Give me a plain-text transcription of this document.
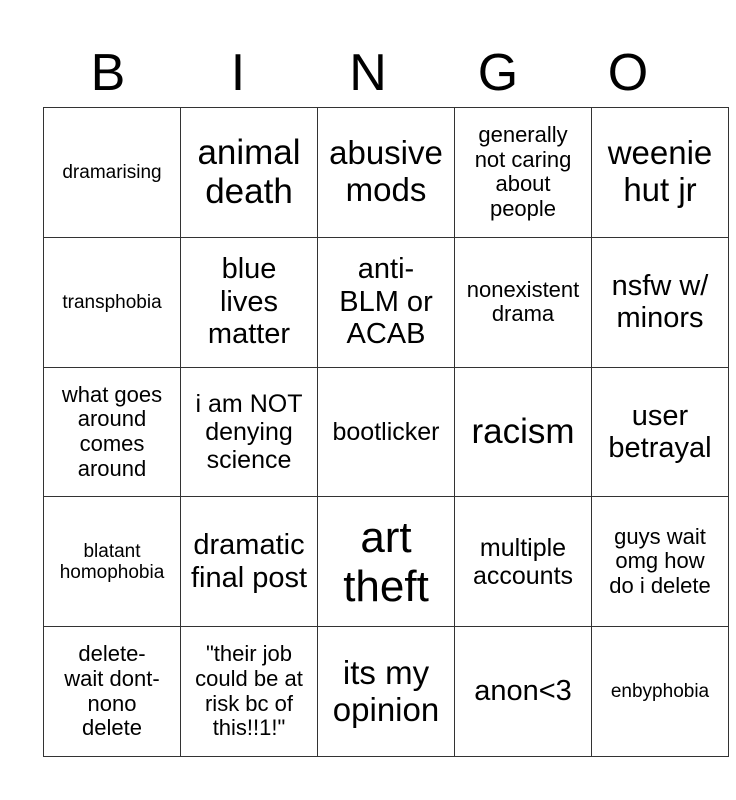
B	I	N	G	O
dramarising	animal death	abusive mods	generally not caring about people	weenie hut jr
transphobia	blue lives matter	anti-BLM or ACAB	nonexistent drama	nsfw w/ minors
what goes around comes around	i am NOT denying science	bootlicker	racism	user betrayal
blatant homophobia	dramatic final post	art theft	multiple accounts	guys wait omg how do i delete
delete-wait dont-nono delete	"their job could be at risk bc of this!!1!"	its my opinion	anon<3	enbyphobia
